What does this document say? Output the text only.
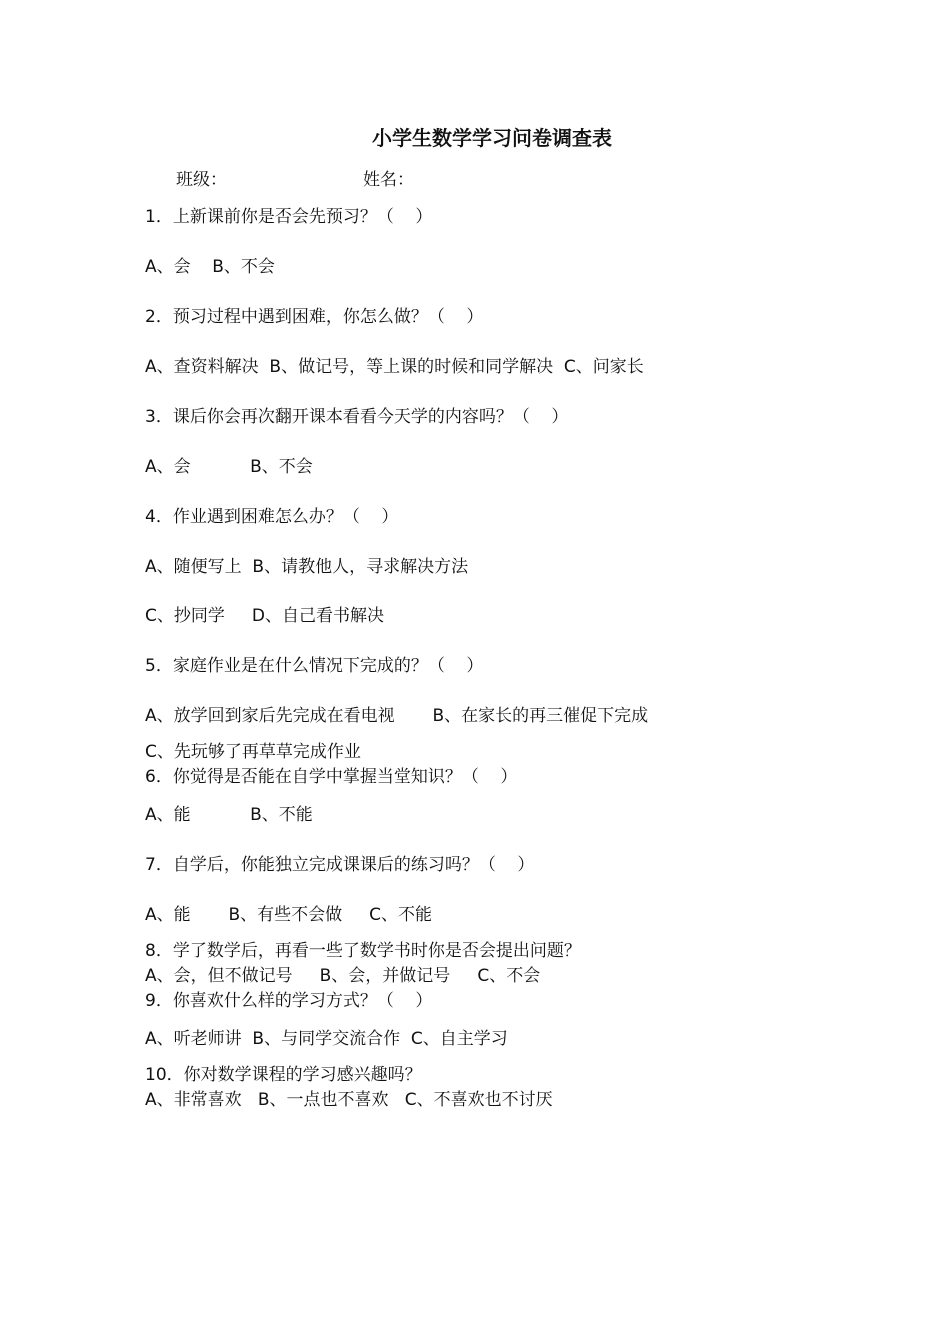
小学生数学学习问卷调查表
班级：	姓名：
1．上新课前你是否会先预习？（    ）
A、会    B、不会
2．预习过程中遇到困难，你怎么做？（    ）
A、查资料解决  B、做记号，等上课的时候和同学解决  C、问家长
3．课后你会再次翻开课本看看今天学的内容吗？（    ）
A、会           B、不会
4．作业遇到困难怎么办？（    ）
A、随便写上  B、请教他人，寻求解决方法
C、抄同学     D、自己看书解决
5．家庭作业是在什么情况下完成的？（    ）
A、放学回到家后先完成在看电视       B、在家长的再三催促下完成
C、先玩够了再草草完成作业
6．你觉得是否能在自学中掌握当堂知识？（    ）
A、能           B、不能
7．自学后，你能独立完成课课后的练习吗？（    ）
A、能       B、有些不会做     C、不能
8．学了数学后，再看一些了数学书时你是否会提出问题？
A、会，但不做记号     B、会，并做记号     C、不会
9．你喜欢什么样的学习方式？（    ）
A、听老师讲  B、与同学交流合作  C、自主学习
10．你对数学课程的学习感兴趣吗？
A、非常喜欢   B、一点也不喜欢   C、不喜欢也不讨厌
